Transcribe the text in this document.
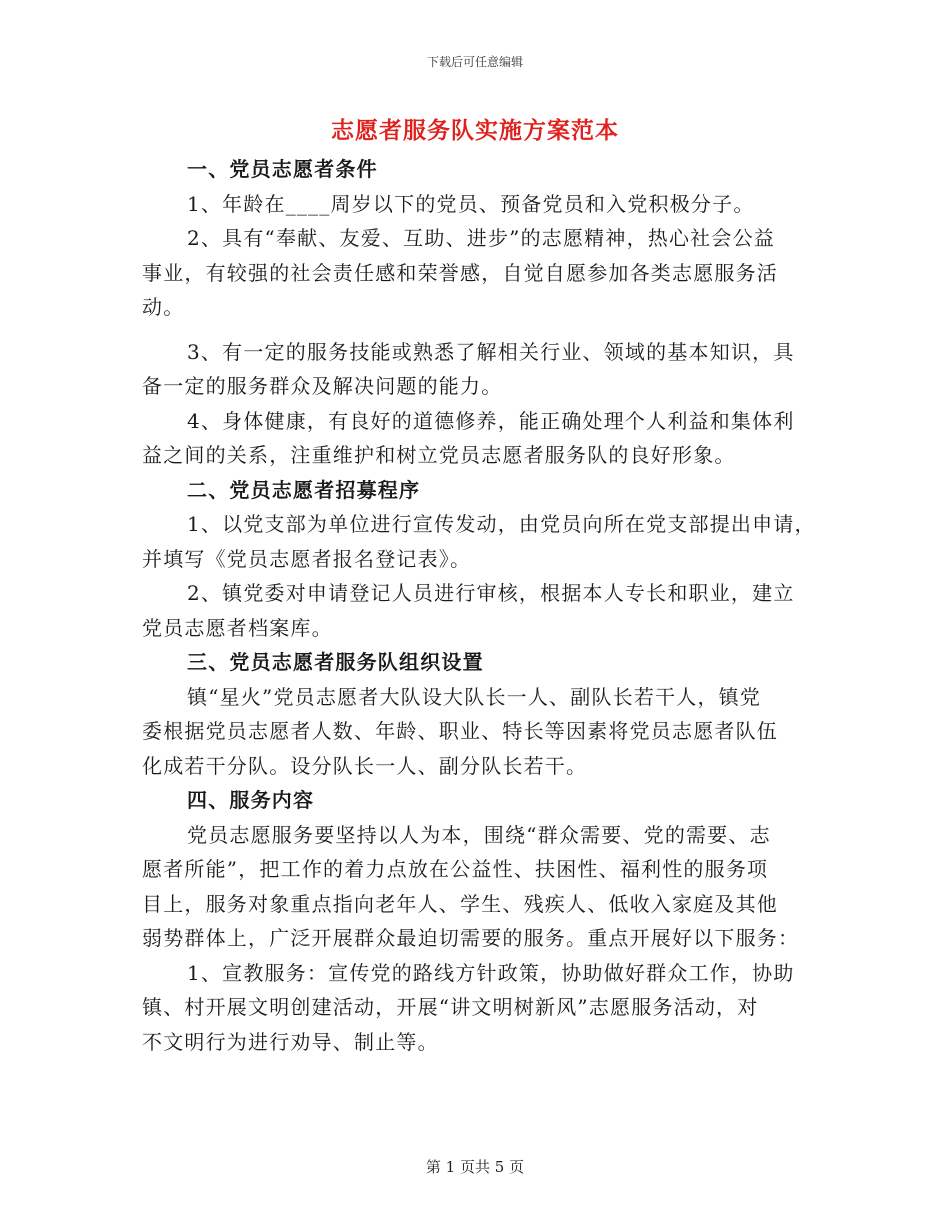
下载后可任意编辑
志愿者服务队实施方案范本
一、党员志愿者条件
1、年龄在____周岁以下的党员、预备党员和入党积极分子。
2、具有“奉献、友爱、互助、进步”的志愿精神，热心社会公益
事业，有较强的社会责任感和荣誉感，自觉自愿参加各类志愿服务活
动。
3、有一定的服务技能或熟悉了解相关行业、领域的基本知识，具
备一定的服务群众及解决问题的能力。
4、身体健康，有良好的道德修养，能正确处理个人利益和集体利
益之间的关系，注重维护和树立党员志愿者服务队的良好形象。
二、党员志愿者招募程序
1、以党支部为单位进行宣传发动，由党员向所在党支部提出申请，
并填写《党员志愿者报名登记表》。
2、镇党委对申请登记人员进行审核，根据本人专长和职业，建立
党员志愿者档案库。
三、党员志愿者服务队组织设置
镇“星火”党员志愿者大队设大队长一人、副队长若干人，镇党
委根据党员志愿者人数、年龄、职业、特长等因素将党员志愿者队伍
化成若干分队。设分队长一人、副分队长若干。
四、服务内容
党员志愿服务要坚持以人为本，围绕“群众需要、党的需要、志
愿者所能”，把工作的着力点放在公益性、扶困性、福利性的服务项
目上，服务对象重点指向老年人、学生、残疾人、低收入家庭及其他
弱势群体上，广泛开展群众最迫切需要的服务。重点开展好以下服务：
1、宣教服务：宣传党的路线方针政策，协助做好群众工作，协助
镇、村开展文明创建活动，开展“讲文明树新风”志愿服务活动，对
不文明行为进行劝导、制止等。
第 1 页共 5 页
